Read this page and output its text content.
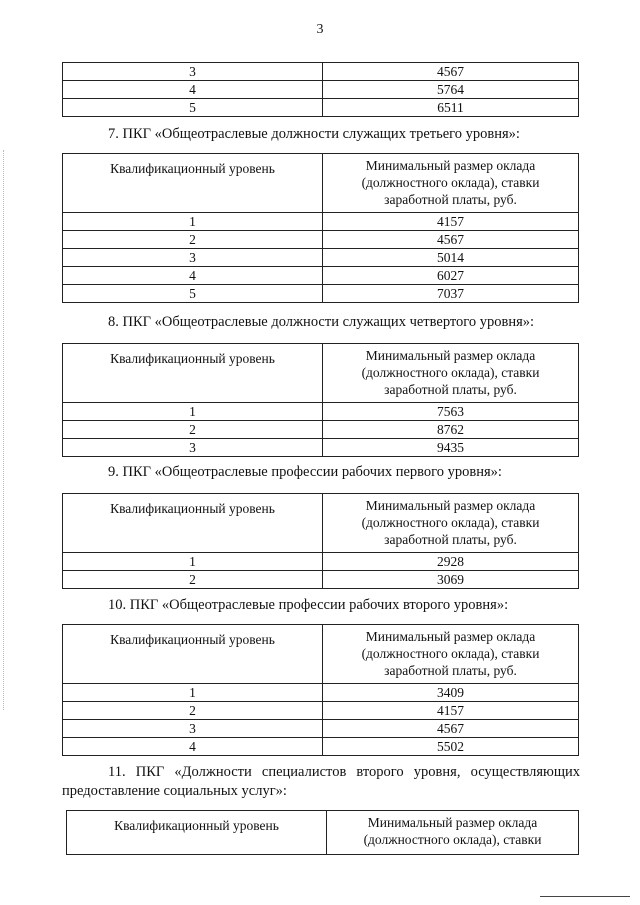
3
3	4567
4	5764
5	6511
7. ПКГ «Общеотраслевые должности служащих третьего уровня»:
Квалификационный уровень	Минимальный размер оклада
(должностного оклада), ставки
заработной платы, руб.

1	4157
2	4567
3	5014
4	6027
5	7037
8. ПКГ «Общеотраслевые должности служащих четвертого уровня»:
Квалификационный уровень	Минимальный размер оклада
(должностного оклада), ставки
заработной платы, руб.

1	7563
2	8762
3	9435
9. ПКГ «Общеотраслевые профессии рабочих первого уровня»:
Квалификационный уровень	Минимальный размер оклада
(должностного оклада), ставки
заработной платы, руб.

1	2928
2	3069
10. ПКГ «Общеотраслевые профессии рабочих второго уровня»:
Квалификационный уровень	Минимальный размер оклада
(должностного оклада), ставки
заработной платы, руб.

1	3409
2	4157
3	4567
4	5502
11. ПКГ «Должности специалистов второго уровня, осуществляющих предоставление социальных услуг»:
Квалификационный уровень	Минимальный размер оклада
(должностного оклада), ставки
